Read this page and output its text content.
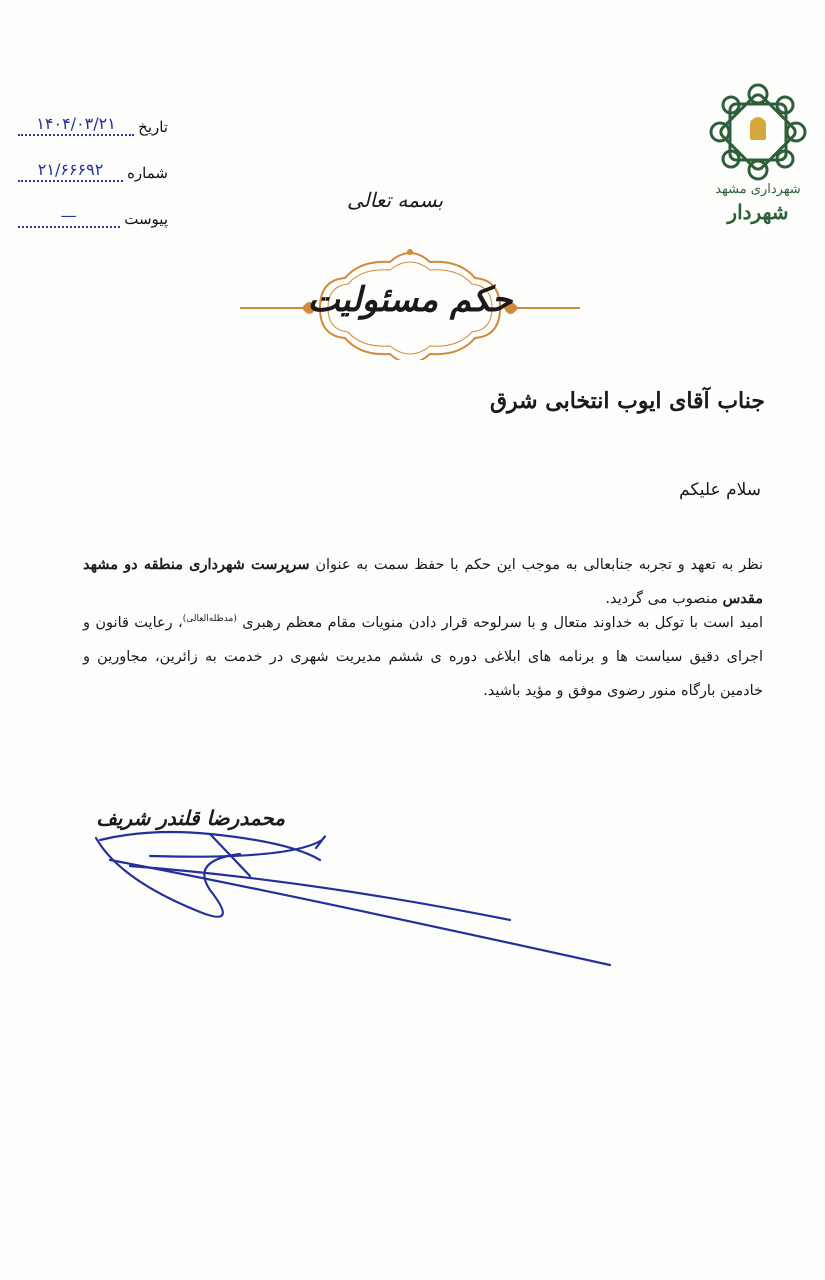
شهرداری مشهد
شهردار
تاریخ
۱۴۰۴/۰۳/۲۱
شماره
۲۱/۶۶۶۹۲
پیوست
—
بسمه تعالی
حکم مسئولیت
جناب آقای ایوب انتخابی شرق
سلام علیکم
نظر به تعهد و تجربه جنابعالی به موجب این حکم با حفظ سمت به عنوان سرپرست شهرداری منطقه دو مشهد مقدس منصوب می گردید.
امید است با توکل به خداوند متعال و با سرلوحه قرار دادن منویات مقام معظم رهبری $^{(مدظله‌العالی)}$، رعایت قانون و اجرای دقیق سیاست ها و برنامه های ابلاغی دوره ی ششم مدیریت شهری در خدمت به زائرین، مجاورین و خادمین بارگاه منور رضوی موفق و مؤید باشید.
محمدرضا قلندر شریف
